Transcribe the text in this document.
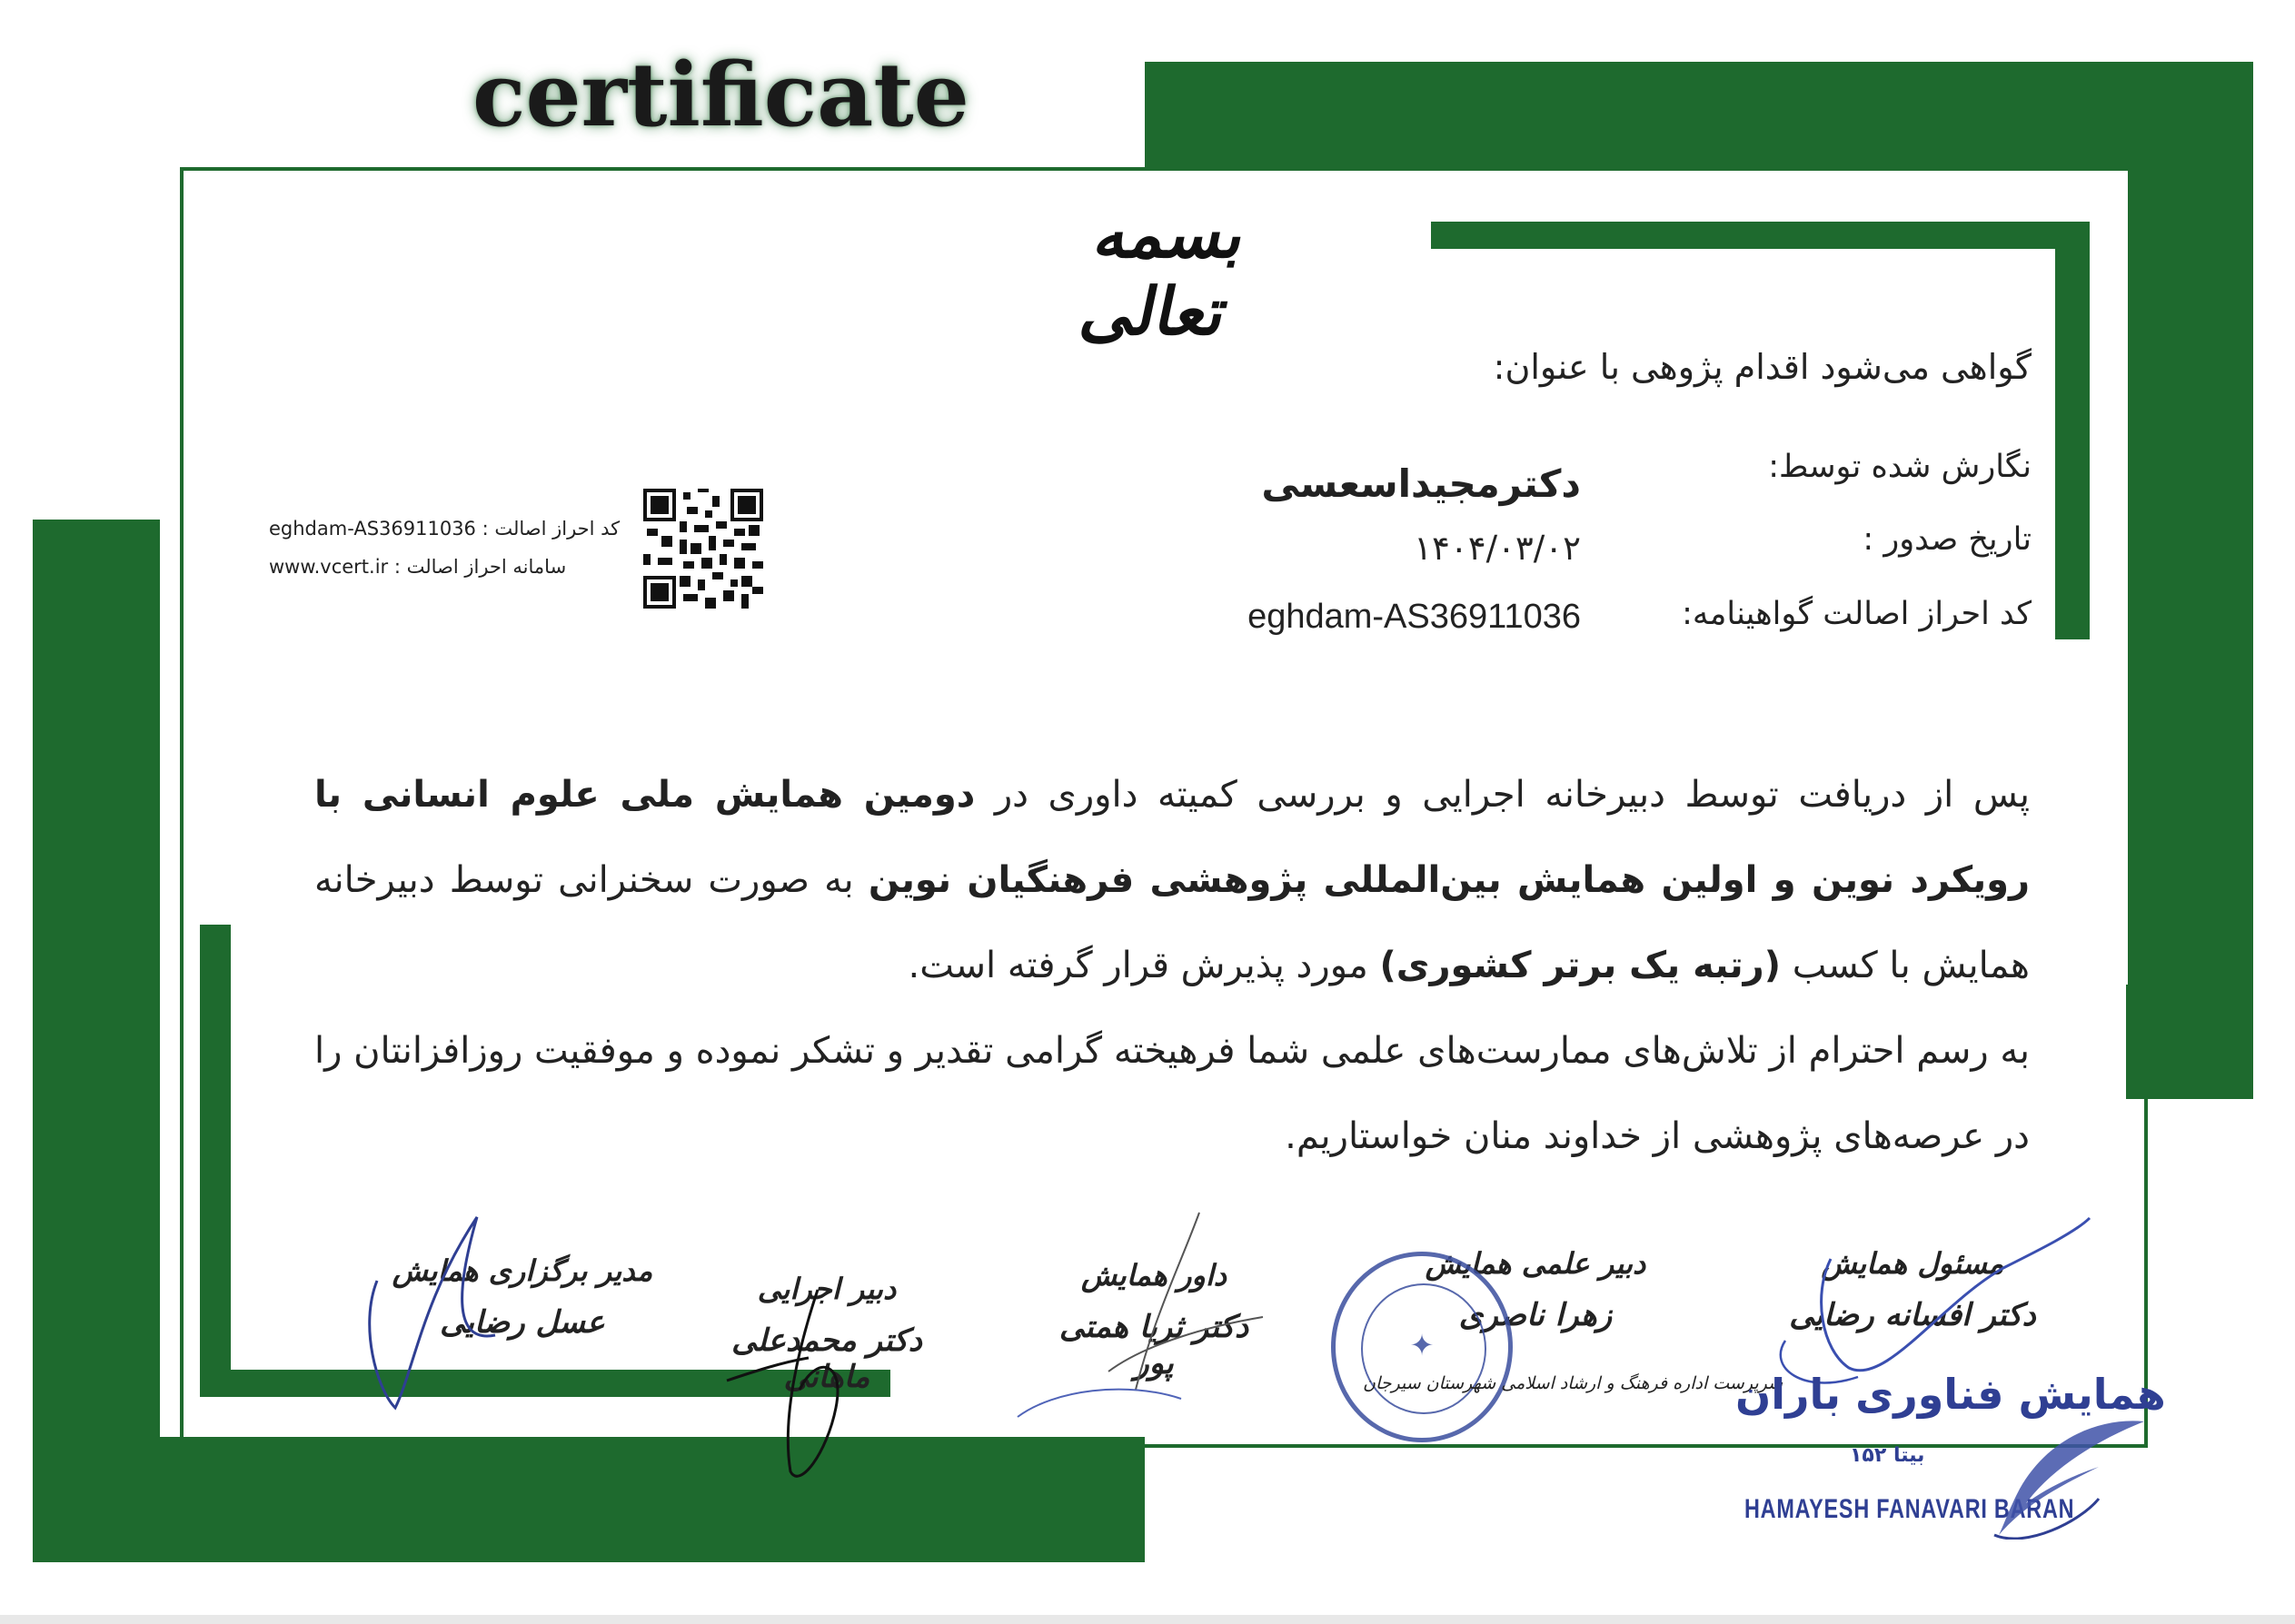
certificate
بسمه تعالی
گواهی می‌شود اقدام پژوهی با عنوان:
نگارش شده توسط:
دکترمجیداسعسی
تاریخ صدور :
۱۴۰۴/۰۳/۰۲
کد احراز اصالت گواهینامه:
eghdam-AS36911036
کد احراز اصالت : eghdam-AS36911036
سامانه احراز اصالت : www.vcert.ir
پس از دریافت توسط دبیرخانه اجرایی و بررسی کمیته داوری در دومین همایش ملی علوم انسانی با رویکرد نوین و اولین همایش بین‌المللی پژوهشی فرهنگیان نوین به صورت سخنرانی توسط دبیرخانه همایش با کسب (رتبه یک برتر کشوری) مورد پذیرش قرار گرفته است.
به رسم احترام از تلاش‌های ممارست‌های علمی شما فرهیخته گرامی تقدیر و تشکر نموده و موفقیت روزافزانتان را در عرصه‌های پژوهشی از خداوند منان خواستاریم.
مسئول همایش
دکتر افسانه رضایی
دبیر علمی همایش
زهرا ناصری
داور همایش
دکتر ثریا همتی پور
دبیر اجرایی
دکتر محمدعلی ماهانی
مدیر برگزاری همایش
عسل رضایی
✦
سرپرست اداره فرهنگ و ارشاد اسلامی شهرستان سیرجان
همایش فناوری باران
بیتا ۱۵۲
HAMAYESH FANAVARI BARAN
